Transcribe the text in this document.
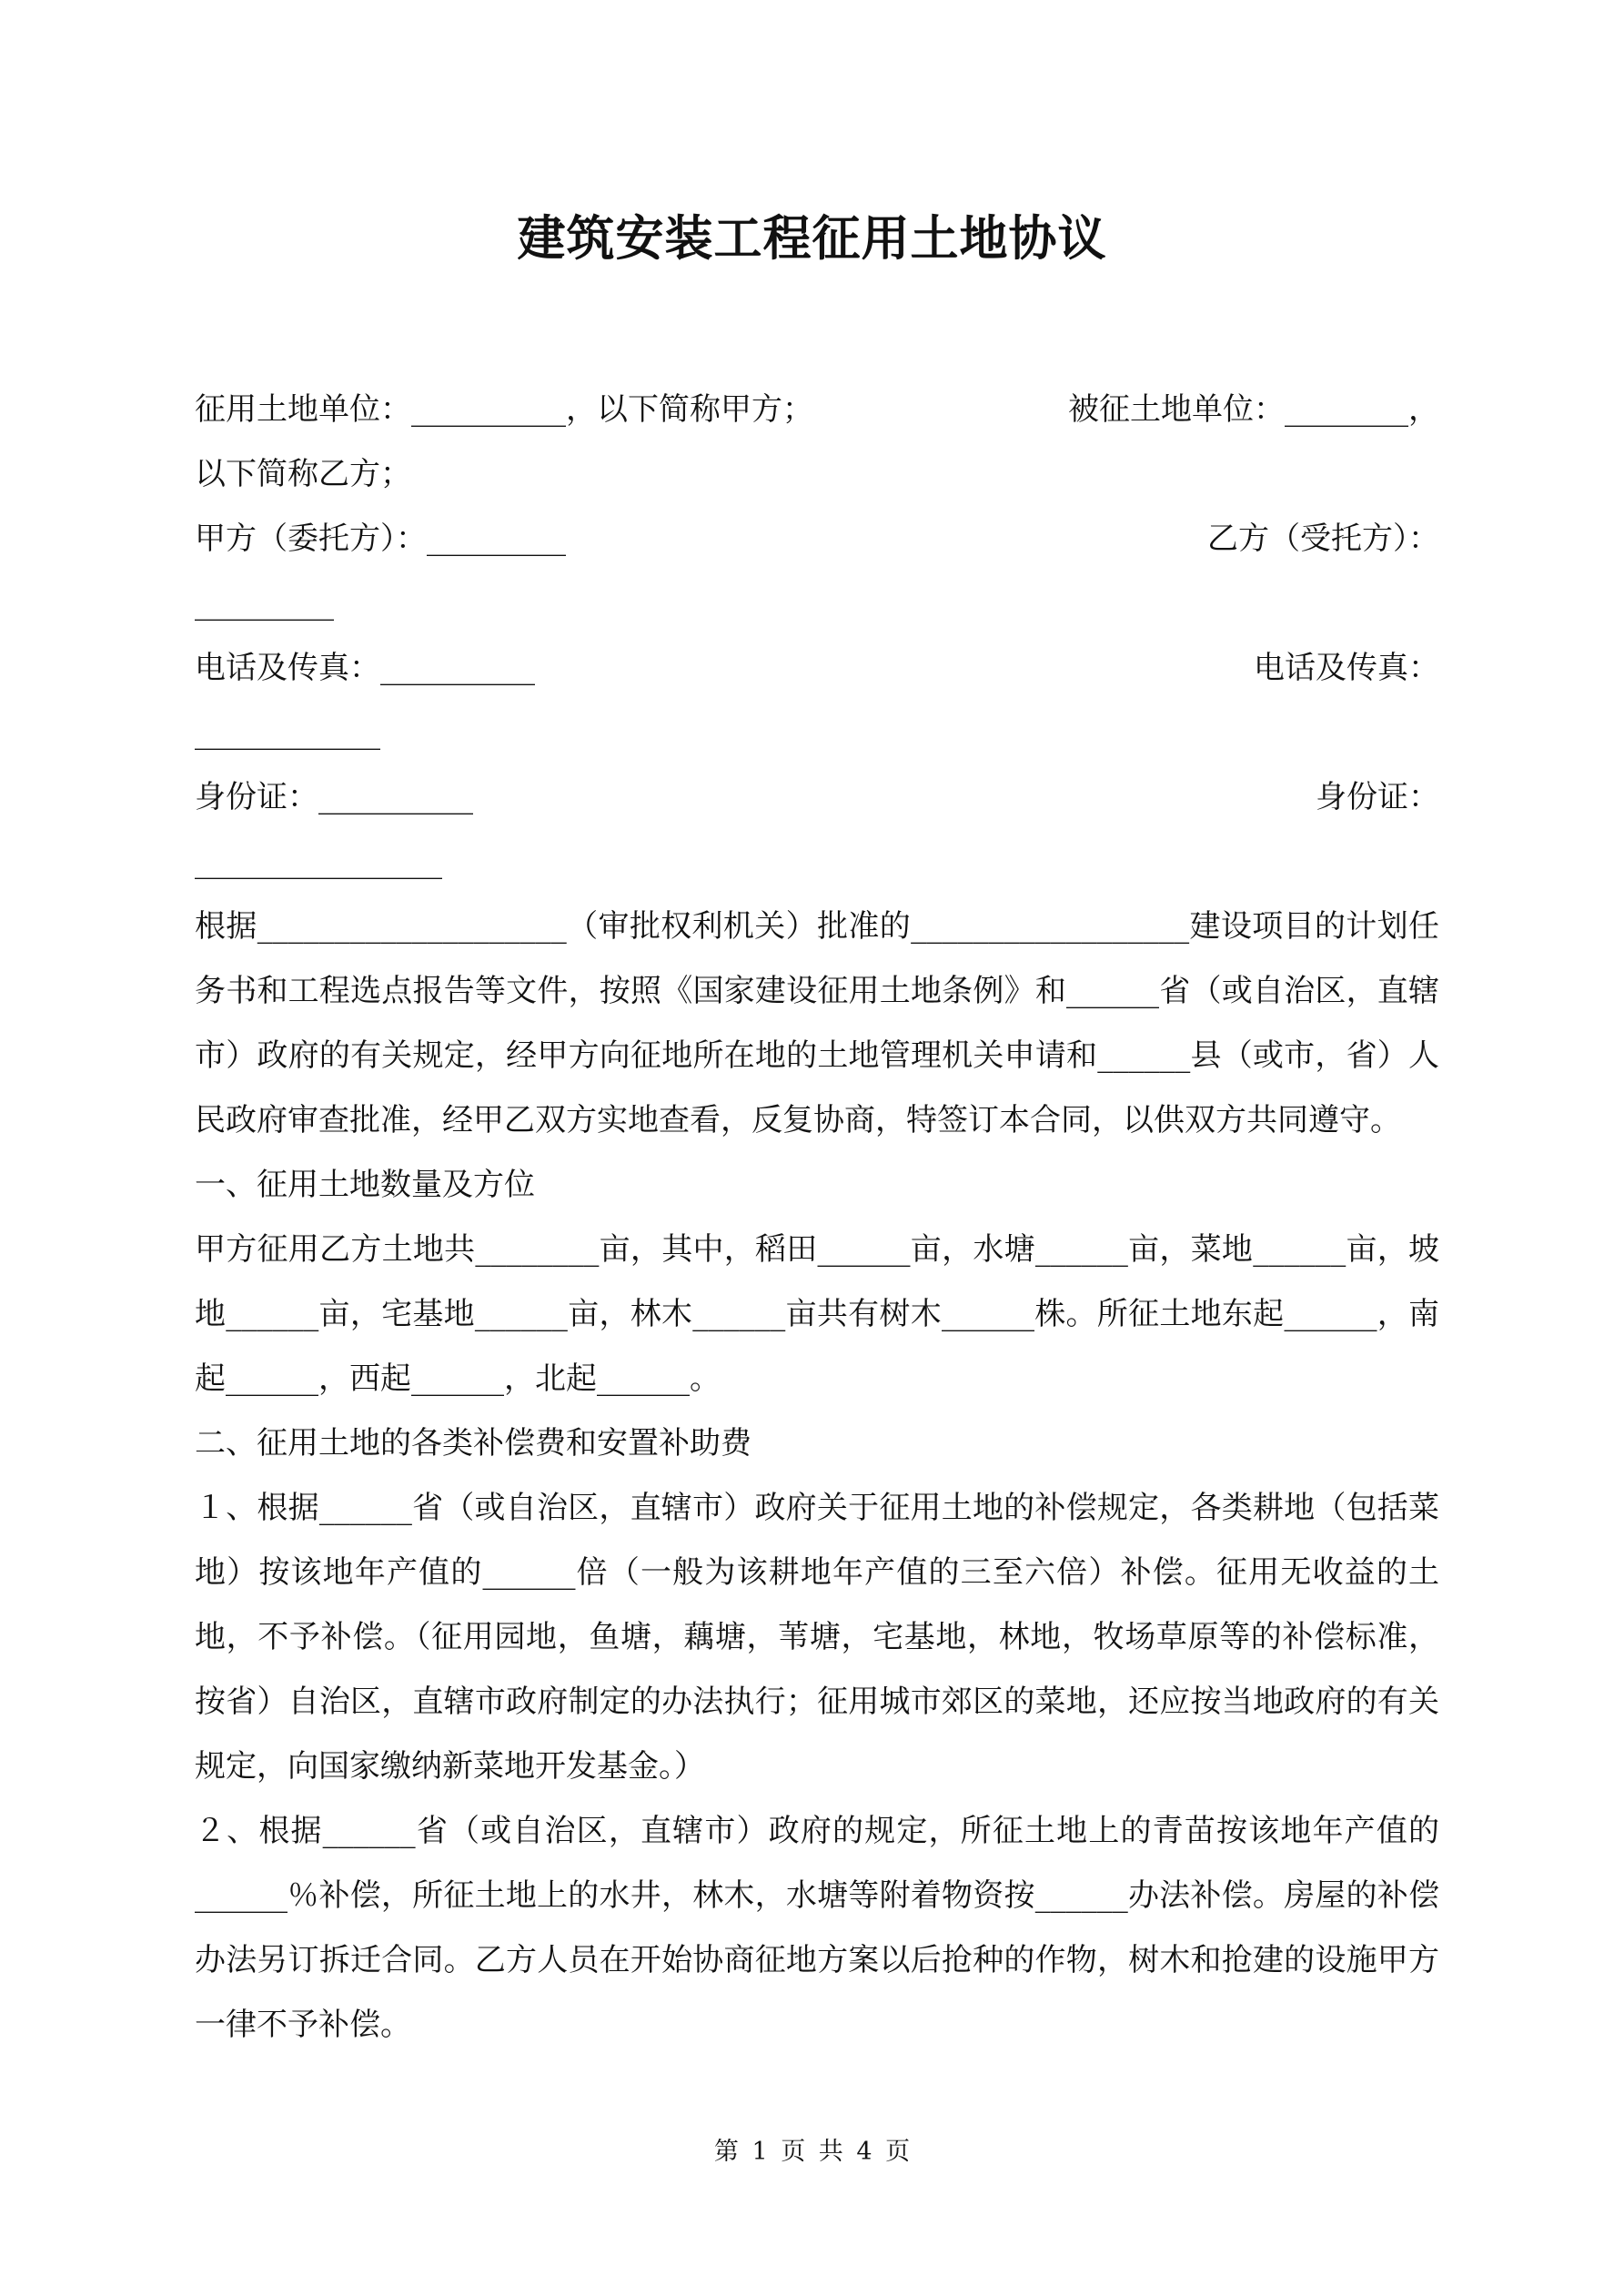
建筑安装工程征用土地协议
征用土地单位：__________，以下简称甲方；	被征土地单位：________，

以下简称乙方；

甲方（委托方）：_________	乙方（受托方）：

_________

电话及传真：__________	电话及传真：

____________

身份证：__________	身份证：

________________

根据____________________（审批权利机关）批准的__________________建设项目的计划任务书和工程选点报告等文件，按照《国家建设征用土地条例》和______省（或自治区，直辖市）政府的有关规定，经甲方向征地所在地的土地管理机关申请和______县（或市，省）人民政府审查批准，经甲乙双方实地查看，反复协商，特签订本合同，以供双方共同遵守。

一、征用土地数量及方位

甲方征用乙方土地共________亩，其中，稻田______亩，水塘______亩，菜地______亩，坡地______亩，宅基地______亩，林木______亩共有树木______株。所征土地东起______，南起______，西起______，北起______。

二、征用土地的各类补偿费和安置补助费

１、根据______省（或自治区，直辖市）政府关于征用土地的补偿规定，各类耕地（包括菜地）按该地年产值的______倍（一般为该耕地年产值的三至六倍）补偿。征用无收益的土地，不予补偿。（征用园地，鱼塘，藕塘，苇塘，宅基地，林地，牧场草原等的补偿标准，按省）自治区，直辖市政府制定的办法执行；征用城市郊区的菜地，还应按当地政府的有关规定，向国家缴纳新菜地开发基金。）

２、根据______省（或自治区，直辖市）政府的规定，所征土地上的青苗按该地年产值的______％补偿，所征土地上的水井，林木，水塘等附着物资按______办法补偿。房屋的补偿办法另订拆迁合同。乙方人员在开始协商征地方案以后抢种的作物，树木和抢建的设施甲方一律不予补偿。

第 1 页 共 4 页
